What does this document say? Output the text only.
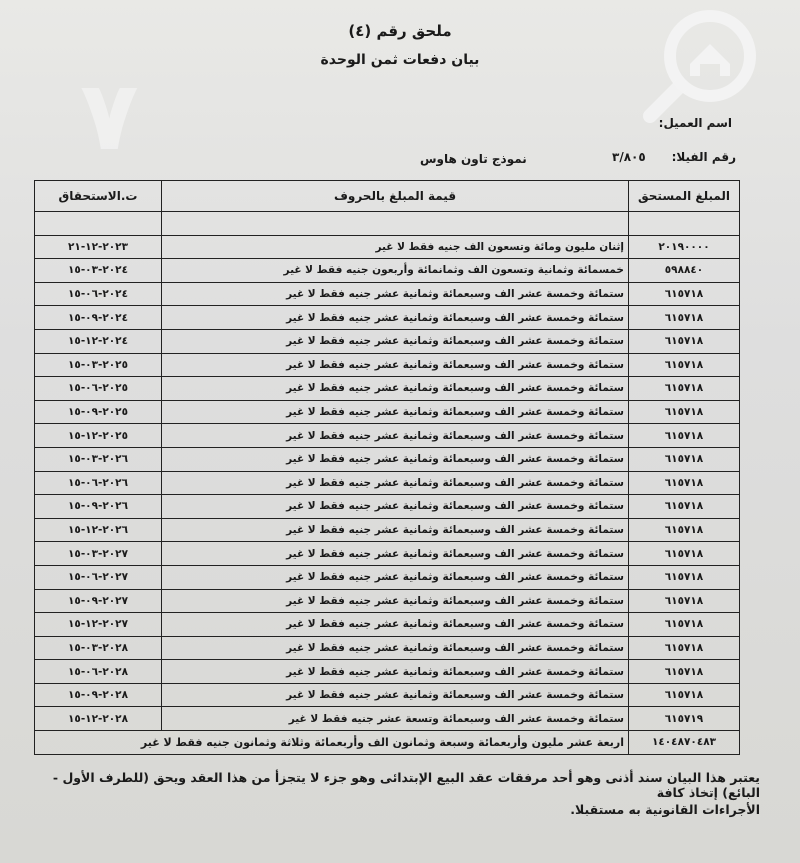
٧
ملحق رقم (٤)
بيان دفعات ثمن الوحدة
اسم العميل:
رقم الفيلا:
٣/٨٠٥
نموذج تاون هاوس
ت.الاستحقاق	قيمة المبلغ بالحروف	المبلغ المستحق

٢٠٢٣-١٢-٢١	إثنان مليون ومائة وتسعون الف جنيه فقط لا غير	٢٠١٩٠٠٠٠
٢٠٢٤-٠٣-١٥	خمسمائة وثمانية وتسعون الف وثمانمائة وأربعون جنيه فقط لا غير	٥٩٨٨٤٠
٢٠٢٤-٠٦-١٥	ستمائة وخمسة عشر الف وسبعمائة وثمانية عشر جنيه فقط لا غير	٦١٥٧١٨
٢٠٢٤-٠٩-١٥	ستمائة وخمسة عشر الف وسبعمائة وثمانية عشر جنيه فقط لا غير	٦١٥٧١٨
٢٠٢٤-١٢-١٥	ستمائة وخمسة عشر الف وسبعمائة وثمانية عشر جنيه فقط لا غير	٦١٥٧١٨
٢٠٢٥-٠٣-١٥	ستمائة وخمسة عشر الف وسبعمائة وثمانية عشر جنيه فقط لا غير	٦١٥٧١٨
٢٠٢٥-٠٦-١٥	ستمائة وخمسة عشر الف وسبعمائة وثمانية عشر جنيه فقط لا غير	٦١٥٧١٨
٢٠٢٥-٠٩-١٥	ستمائة وخمسة عشر الف وسبعمائة وثمانية عشر جنيه فقط لا غير	٦١٥٧١٨
٢٠٢٥-١٢-١٥	ستمائة وخمسة عشر الف وسبعمائة وثمانية عشر جنيه فقط لا غير	٦١٥٧١٨
٢٠٢٦-٠٣-١٥	ستمائة وخمسة عشر الف وسبعمائة وثمانية عشر جنيه فقط لا غير	٦١٥٧١٨
٢٠٢٦-٠٦-١٥	ستمائة وخمسة عشر الف وسبعمائة وثمانية عشر جنيه فقط لا غير	٦١٥٧١٨
٢٠٢٦-٠٩-١٥	ستمائة وخمسة عشر الف وسبعمائة وثمانية عشر جنيه فقط لا غير	٦١٥٧١٨
٢٠٢٦-١٢-١٥	ستمائة وخمسة عشر الف وسبعمائة وثمانية عشر جنيه فقط لا غير	٦١٥٧١٨
٢٠٢٧-٠٣-١٥	ستمائة وخمسة عشر الف وسبعمائة وثمانية عشر جنيه فقط لا غير	٦١٥٧١٨
٢٠٢٧-٠٦-١٥	ستمائة وخمسة عشر الف وسبعمائة وثمانية عشر جنيه فقط لا غير	٦١٥٧١٨
٢٠٢٧-٠٩-١٥	ستمائة وخمسة عشر الف وسبعمائة وثمانية عشر جنيه فقط لا غير	٦١٥٧١٨
٢٠٢٧-١٢-١٥	ستمائة وخمسة عشر الف وسبعمائة وثمانية عشر جنيه فقط لا غير	٦١٥٧١٨
٢٠٢٨-٠٣-١٥	ستمائة وخمسة عشر الف وسبعمائة وثمانية عشر جنيه فقط لا غير	٦١٥٧١٨
٢٠٢٨-٠٦-١٥	ستمائة وخمسة عشر الف وسبعمائة وثمانية عشر جنيه فقط لا غير	٦١٥٧١٨
٢٠٢٨-٠٩-١٥	ستمائة وخمسة عشر الف وسبعمائة وثمانية عشر جنيه فقط لا غير	٦١٥٧١٨
٢٠٢٨-١٢-١٥	ستمائة وخمسة عشر الف وسبعمائة وتسعة عشر جنيه فقط لا غير	٦١٥٧١٩
اربعة عشر مليون وأربعمائة وسبعة وثمانون الف وأربعمائة وثلاثة وثمانون جنيه فقط لا غير		١٤٠٤٨٧٠٤٨٣
يعتبر هذا البيان سند أذنى وهو أحد مرفقات عقد البيع الإبتدائى وهو جزء لا يتجزأ من هذا العقد ويحق (للطرف الأول - البائع) إتخاذ كافة
الأجراءات القانونية به مستقبلا.
